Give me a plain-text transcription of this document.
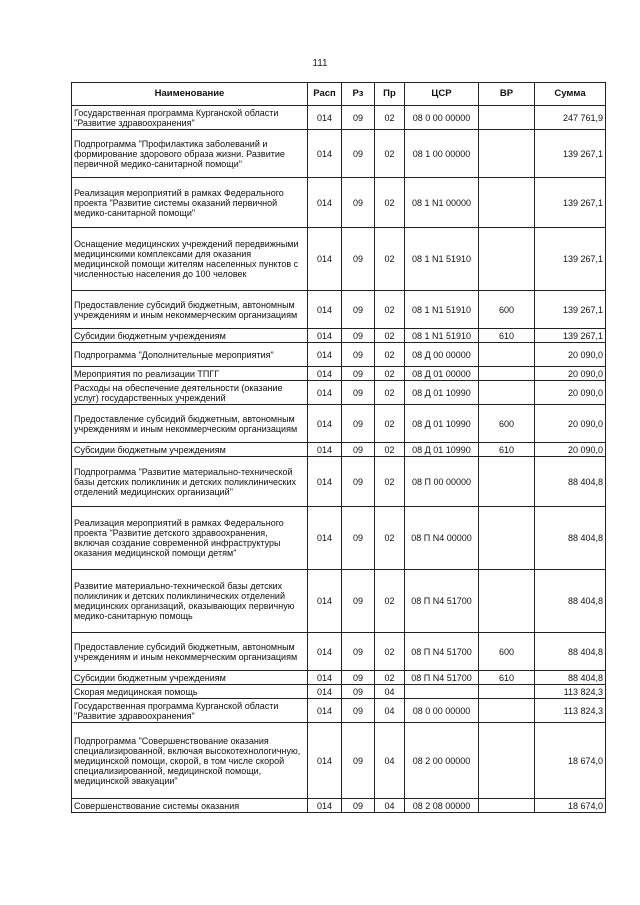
111
Наименование	Расп	Рз	Пр	ЦСР	ВР	Сумма
Государственная программа Курганской области "Развитие здравоохранения"	014	09	02	08 0 00 00000		247 761,9
Подпрограмма "Профилактика заболеваний и формирование здорового образа жизни. Развитие первичной медико-санитарной помощи"	014	09	02	08 1 00 00000		139 267,1
Реализация мероприятий в рамках Федерального проекта "Развитие системы оказаний первичной медико-санитарной помощи"	014	09	02	08 1 N1 00000		139 267,1
Оснащение медицинских учреждений передвижными медицинскими комплексами для оказания медицинской помощи жителям населенных пунктов с численностью населения до 100 человек	014	09	02	08 1 N1 51910		139 267,1
Предоставление субсидий бюджетным, автономным учреждениям и иным некоммерческим организациям	014	09	02	08 1 N1 51910	600	139 267,1
Субсидии бюджетным учреждениям	014	09	02	08 1 N1 51910	610	139 267,1
Подпрограмма "Дополнительные мероприятия"	014	09	02	08 Д 00 00000		20 090,0
Мероприятия по реализации ТПГГ	014	09	02	08 Д 01 00000		20 090,0
Расходы на обеспечение деятельности (оказание услуг) государственных учреждений	014	09	02	08 Д 01 10990		20 090,0
Предоставление субсидий бюджетным, автономным учреждениям и иным некоммерческим организациям	014	09	02	08 Д 01 10990	600	20 090,0
Субсидии бюджетным учреждениям	014	09	02	08 Д 01 10990	610	20 090,0
Подпрограмма "Развитие материально-технической базы детских поликлиник и детских поликлинических отделений медицинских организаций"	014	09	02	08 П 00 00000		88 404,8
Реализация мероприятий в рамках Федерального проекта "Развитие детского здравоохранения, включая создание современной инфраструктуры оказания медицинской помощи детям"	014	09	02	08 П N4 00000		88 404,8
Развитие материально-технической базы детских поликлиник и детских поликлинических отделений медицинских организаций, оказывающих первичную медико-санитарную помощь	014	09	02	08 П N4 51700		88 404,8
Предоставление субсидий бюджетным, автономным учреждениям и иным некоммерческим организациям	014	09	02	08 П N4 51700	600	88 404,8
Субсидии бюджетным учреждениям	014	09	02	08 П N4 51700	610	88 404,8
Скорая медицинская помощь	014	09	04			113 824,3
Государственная программа Курганской области "Развитие здравоохранения"	014	09	04	08 0 00 00000		113 824,3
Подпрограмма "Совершенствование оказания специализированной, включая высокотехнологичную, медицинской помощи, скорой, в том числе скорой специализированной, медицинской помощи, медицинской эвакуации"	014	09	04	08 2 00 00000		18 674,0
Совершенствование системы оказания	014	09	04	08 2 08 00000		18 674,0
